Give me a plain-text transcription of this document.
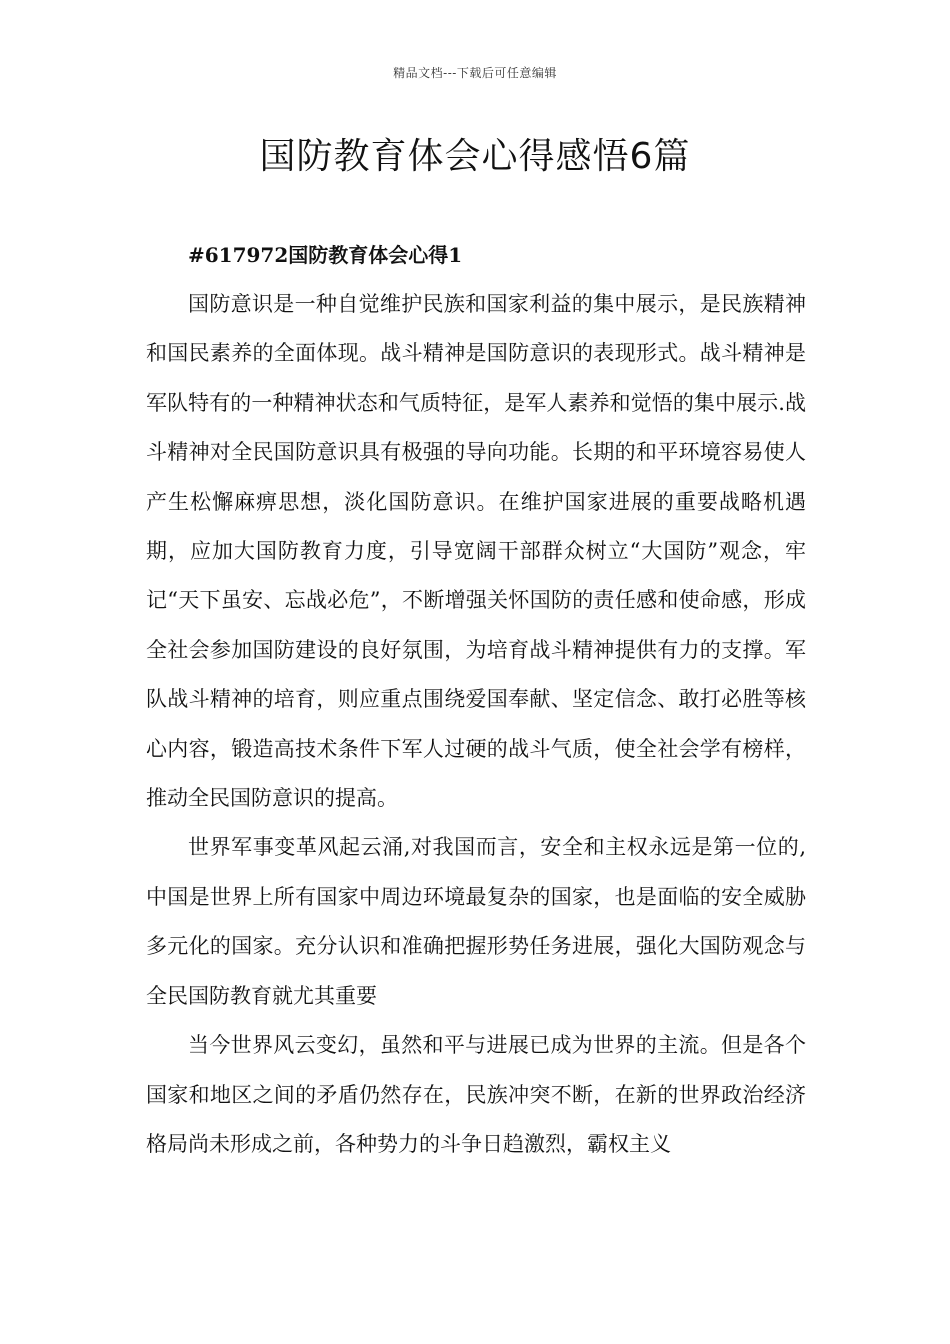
精品文档---下载后可任意编辑
国防教育体会心得感悟6篇
#617972国防教育体会心得1

国防意识是一种自觉维护民族和国家利益的集中展示，是民族精神和国民素养的全面体现。战斗精神是国防意识的表现形式。战斗精神是军队特有的一种精神状态和气质特征，是军人素养和觉悟的集中展示.战斗精神对全民国防意识具有极强的导向功能。长期的和平环境容易使人产生松懈麻痹思想，淡化国防意识。在维护国家进展的重要战略机遇期，应加大国防教育力度，引导宽阔干部群众树立“大国防”观念，牢记“天下虽安、忘战必危”，不断增强关怀国防的责任感和使命感，形成全社会参加国防建设的良好氛围，为培育战斗精神提供有力的支撑。军队战斗精神的培育，则应重点围绕爱国奉献、坚定信念、敢打必胜等核心内容，锻造高技术条件下军人过硬的战斗气质，使全社会学有榜样，推动全民国防意识的提高。

世界军事变革风起云涌,对我国而言，安全和主权永远是第一位的,中国是世界上所有国家中周边环境最复杂的国家，也是面临的安全威胁多元化的国家。充分认识和准确把握形势任务进展，强化大国防观念与全民国防教育就尤其重要

当今世界风云变幻，虽然和平与进展已成为世界的主流。但是各个国家和地区之间的矛盾仍然存在，民族冲突不断，在新的世界政治经济格局尚未形成之前，各种势力的斗争日趋激烈，霸权主义
